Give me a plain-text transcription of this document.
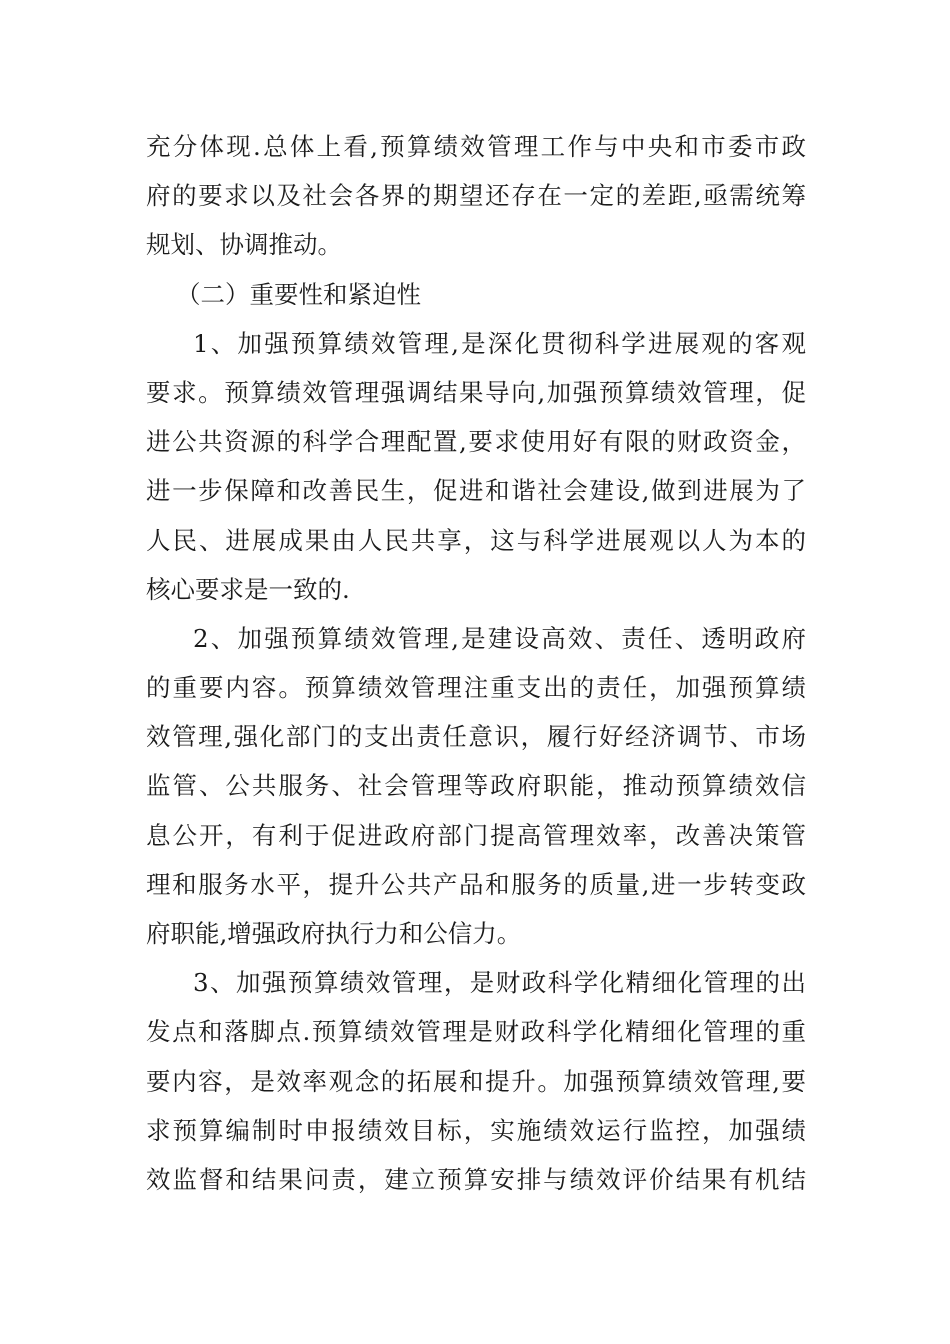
充分体现.总体上看,预算绩效管理工作与中央和市委市政
府的要求以及社会各界的期望还存在一定的差距,亟需统筹
规划、协调推动。
（二）重要性和紧迫性
1、加强预算绩效管理,是深化贯彻科学进展观的客观
要求。预算绩效管理强调结果导向,加强预算绩效管理，促
进公共资源的科学合理配置,要求使用好有限的财政资金，
进一步保障和改善民生，促进和谐社会建设,做到进展为了
人民、进展成果由人民共享，这与科学进展观以人为本的
核心要求是一致的.
2、加强预算绩效管理,是建设高效、责任、透明政府
的重要内容。预算绩效管理注重支出的责任，加强预算绩
效管理,强化部门的支出责任意识，履行好经济调节、市场
监管、公共服务、社会管理等政府职能，推动预算绩效信
息公开，有利于促进政府部门提高管理效率，改善决策管
理和服务水平，提升公共产品和服务的质量,进一步转变政
府职能,增强政府执行力和公信力。
3、加强预算绩效管理，是财政科学化精细化管理的出
发点和落脚点.预算绩效管理是财政科学化精细化管理的重
要内容，是效率观念的拓展和提升。加强预算绩效管理,要
求预算编制时申报绩效目标，实施绩效运行监控，加强绩
效监督和结果问责，建立预算安排与绩效评价结果有机结
